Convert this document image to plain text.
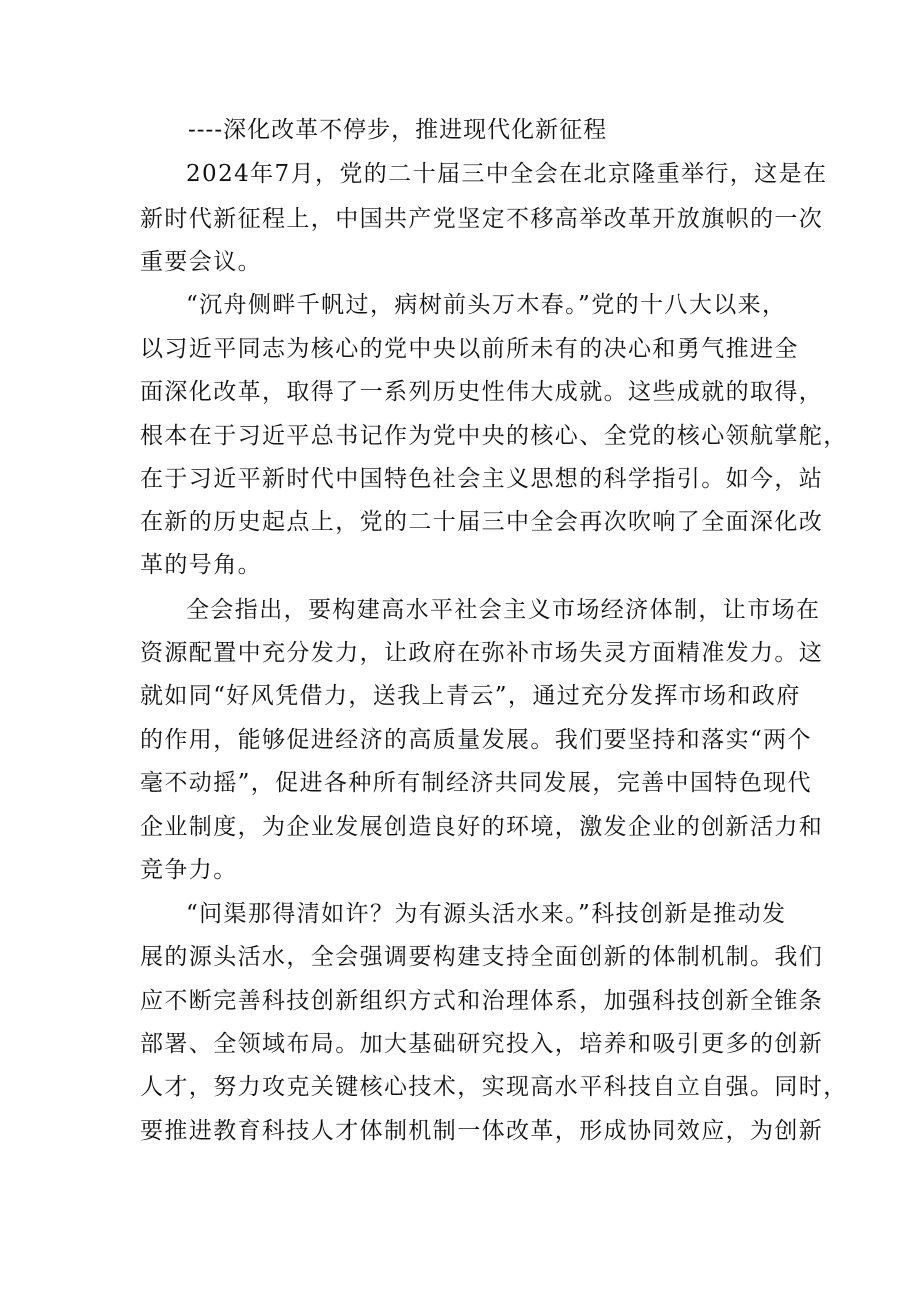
----深化改革不停步，推进现代化新征程
2024年7月，党的二十届三中全会在北京隆重举行，这是在
新时代新征程上，中国共产党坚定不移高举改革开放旗帜的一次
重要会议。
“沉舟侧畔千帆过，病树前头万木春。”党的十八大以来，
以习近平同志为核心的党中央以前所未有的决心和勇气推进全
面深化改革，取得了一系列历史性伟大成就。这些成就的取得，
根本在于习近平总书记作为党中央的核心、全党的核心领航掌舵，
在于习近平新时代中国特色社会主义思想的科学指引。如今，站
在新的历史起点上，党的二十届三中全会再次吹响了全面深化改
革的号角。
全会指出，要构建高水平社会主义市场经济体制，让市场在
资源配置中充分发力，让政府在弥补市场失灵方面精准发力。这
就如同“好风凭借力，送我上青云”，通过充分发挥市场和政府
的作用，能够促进经济的高质量发展。我们要坚持和落实“两个
毫不动摇”，促进各种所有制经济共同发展，完善中国特色现代
企业制度，为企业发展创造良好的环境，激发企业的创新活力和
竞争力。
“问渠那得清如许？为有源头活水来。”科技创新是推动发
展的源头活水，全会强调要构建支持全面创新的体制机制。我们
应不断完善科技创新组织方式和治理体系，加强科技创新全锥条
部署、全领域布局。加大基础研究投入，培养和吸引更多的创新
人才，努力攻克关键核心技术，实现高水平科技自立自强。同时，
要推进教育科技人才体制机制一体改革，形成协同效应，为创新
